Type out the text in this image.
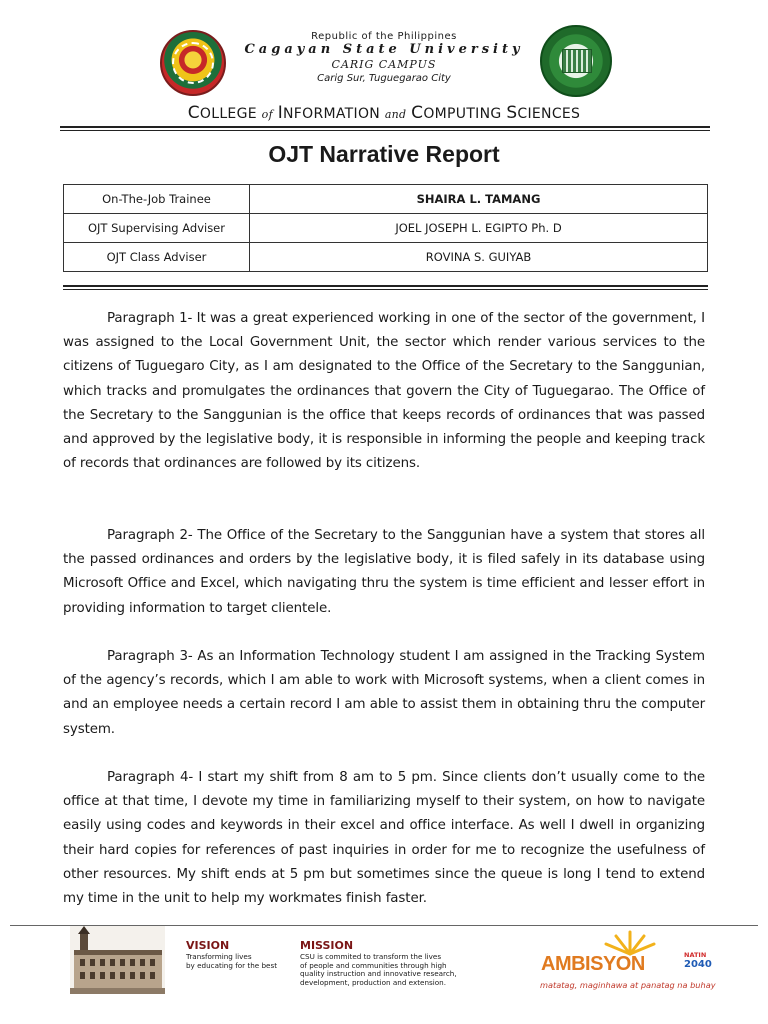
Republic of the Philippines
Cagayan State University
CARIG CAMPUS
Carig Sur, Tuguegarao City
COLLEGE of INFORMATION and COMPUTING SCIENCES
OJT Narrative Report
On-The-Job Trainee	SHAIRA L. TAMANG
OJT Supervising Adviser	JOEL JOSEPH L. EGIPTO Ph. D
OJT Class Adviser	ROVINA S. GUIYAB

Paragraph 1- It was a great experienced working in one of the sector of the government, I was assigned to the Local Government Unit, the sector which render various services to the citizens of Tuguegaro City, as I am designated to the Office of the Secretary to the Sanggunian, which tracks and promulgates the ordinances that govern the City of Tuguegarao. The Office of the Secretary to the Sanggunian is the office that keeps records of ordinances that was passed and approved by the legislative body, it is responsible in informing the people and keeping track of records that ordinances are followed by its citizens.

Paragraph 2- The Office of the Secretary to the Sanggunian have a system that stores all the passed ordinances and orders by the legislative body, it is filed safely in its database using Microsoft Office and Excel, which navigating thru the system is time efficient and lesser effort in providing information to target clientele.

Paragraph 3- As an Information Technology student I am assigned in the Tracking System of the agency’s records, which I am able to work with Microsoft systems, when a client comes in and an employee needs a certain record I am able to assist them in obtaining thru the computer system.

Paragraph 4- I start my shift from 8 am to 5 pm. Since clients don’t usually come to the office at that time, I devote my time in familiarizing myself to their system, on how to navigate easily using codes and keywords in their excel and office interface. As well I dwell in organizing their hard copies for references of past inquiries in order for me to recognize the usefulness of other resources. My shift ends at 5 pm but sometimes since the queue is long I tend to extend my time in the unit to help my workmates finish faster.

VISION
Transforming lives
by educating for the best
MISSION
CSU is commited to transform the lives
of people and communities through high
quality instruction and innovative research,
development, production and extension.
AMBISYON	NATIN
2040
matatag, maginhawa at panatag na buhay
